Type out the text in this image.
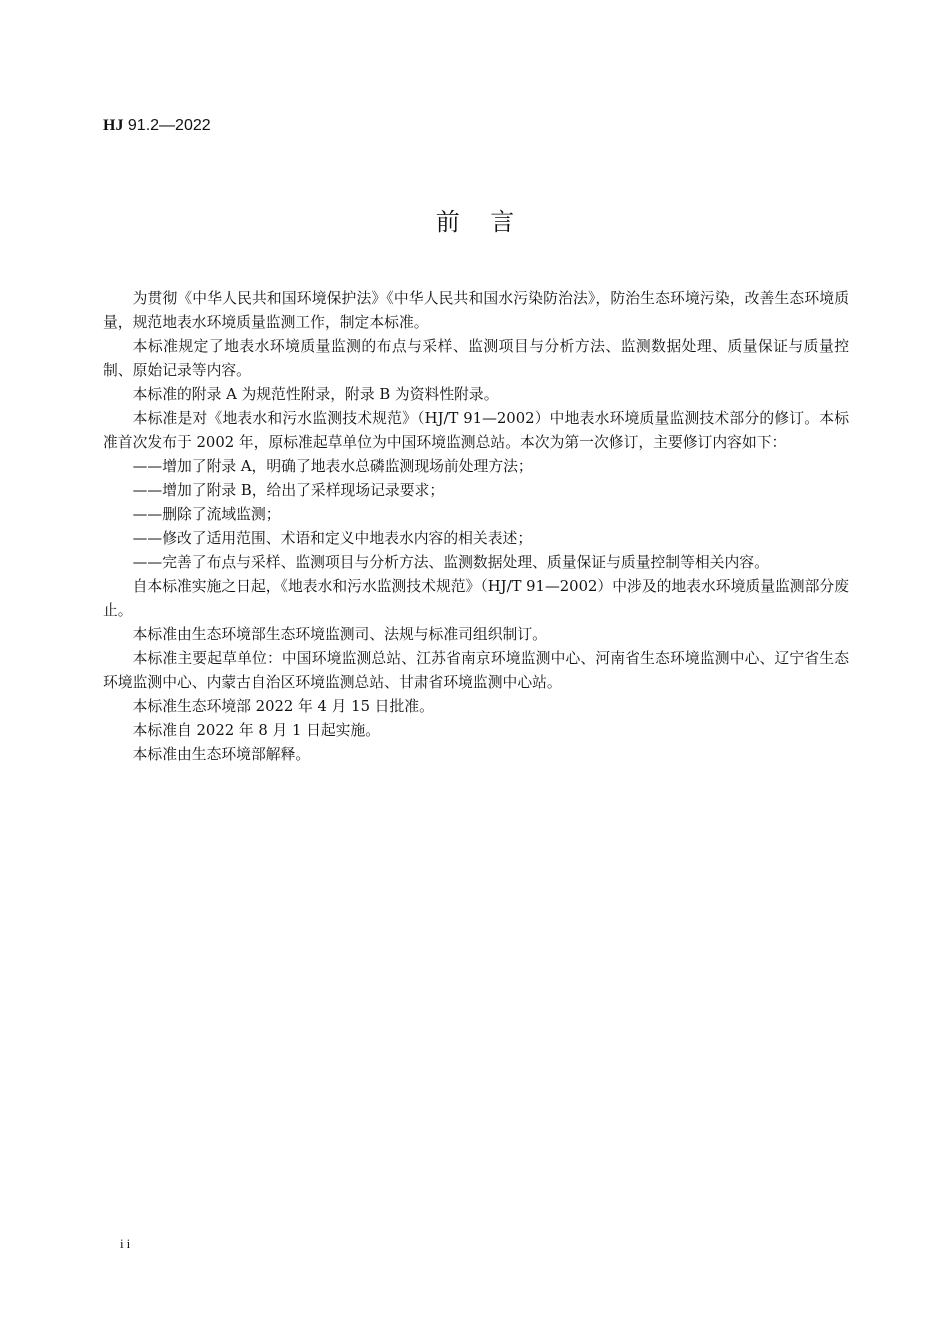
HJ 91.2—2022
前    言

为贯彻《中华人民共和国环境保护法》《中华人民共和国水污染防治法》，防治生态环境污染，改善生态环境质量，规范地表水环境质量监测工作，制定本标准。

本标准规定了地表水环境质量监测的布点与采样、监测项目与分析方法、监测数据处理、质量保证与质量控制、原始记录等内容。

本标准的附录 A 为规范性附录，附录 B 为资料性附录。

本标准是对《地表水和污水监测技术规范》（HJ/T 91—2002）中地表水环境质量监测技术部分的修订。本标准首次发布于 2002 年，原标准起草单位为中国环境监测总站。本次为第一次修订，主要修订内容如下：

——增加了附录 A，明确了地表水总磷监测现场前处理方法；

——增加了附录 B，给出了采样现场记录要求；

——删除了流域监测；

——修改了适用范围、术语和定义中地表水内容的相关表述；

——完善了布点与采样、监测项目与分析方法、监测数据处理、质量保证与质量控制等相关内容。

自本标准实施之日起，《地表水和污水监测技术规范》（HJ/T 91—2002）中涉及的地表水环境质量监测部分废止。

本标准由生态环境部生态环境监测司、法规与标准司组织制订。

本标准主要起草单位：中国环境监测总站、江苏省南京环境监测中心、河南省生态环境监测中心、辽宁省生态环境监测中心、内蒙古自治区环境监测总站、甘肃省环境监测中心站。

本标准生态环境部 2022 年 4 月 15 日批准。

本标准自 2022 年 8 月 1 日起实施。

本标准由生态环境部解释。

ii
